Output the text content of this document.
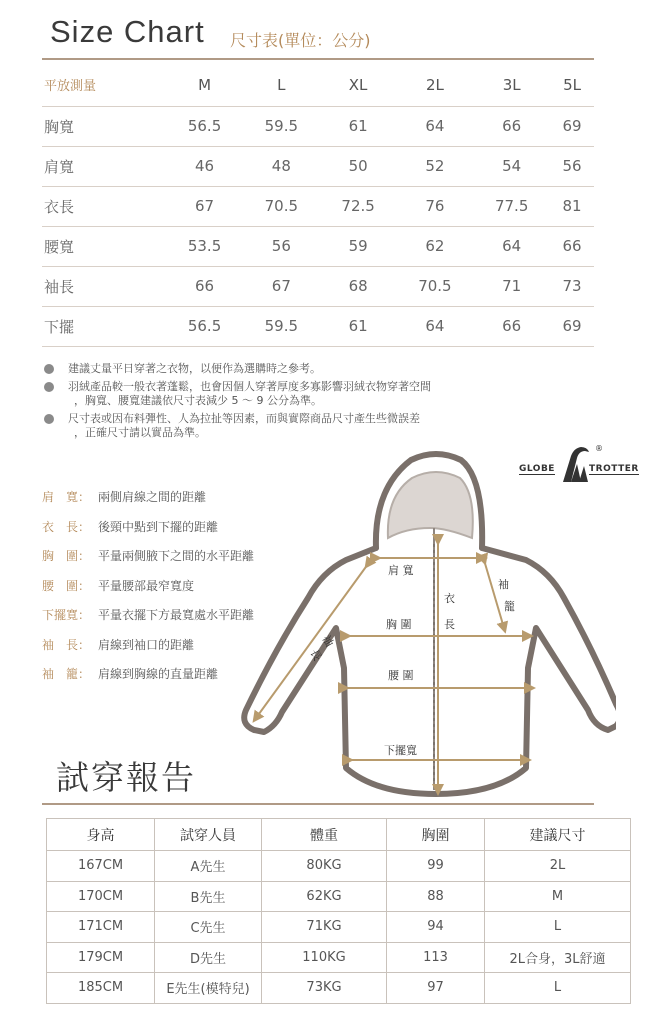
Size Chart 尺寸表(單位：公分)
平放測量	M	L	XL	2L	3L	5L
胸寬	56.5	59.5	61	64	66	69
肩寬	46	48	50	52	54	56
衣長	67	70.5	72.5	76	77.5	81
腰寬	53.5	56	59	62	64	66
袖長	66	67	68	70.5	71	73
下擺	56.5	59.5	61	64	66	69
建議丈量平日穿著之衣物，以便作為選購時之參考。
羽絨產品較一般衣著蓬鬆，也會因個人穿著厚度多寡影響羽絨衣物穿著空間
，胸寬、腰寬建議依尺寸表減少 5 ～ 9 公分為準。
尺寸表或因布料彈性、人為拉扯等因素，而與實際商品尺寸產生些微誤差
，正確尺寸請以實品為準。
GLOBE
®
TROTTER
肩　寬： 兩側肩線之間的距離
衣　長： 後頸中點到下擺的距離
胸　圍： 平量兩側腋下之間的水平距離
腰　圍： 平量腰部最窄寬度
下擺寬： 平量衣擺下方最寬處水平距離
袖　長： 肩線到袖口的距離
袖　籠： 肩線到胸線的直量距離
肩 寬
胸 圍
腰 圍
下擺寬
衣
長
袖
籠
袖
長
試穿報告
身高	試穿人員	體重	胸圍	建議尺寸
167CM	A先生	80KG	99	2L
170CM	B先生	62KG	88	M
171CM	C先生	71KG	94	L
179CM	D先生	110KG	113	2L合身，3L舒適
185CM	E先生(模特兒)	73KG	97	L
